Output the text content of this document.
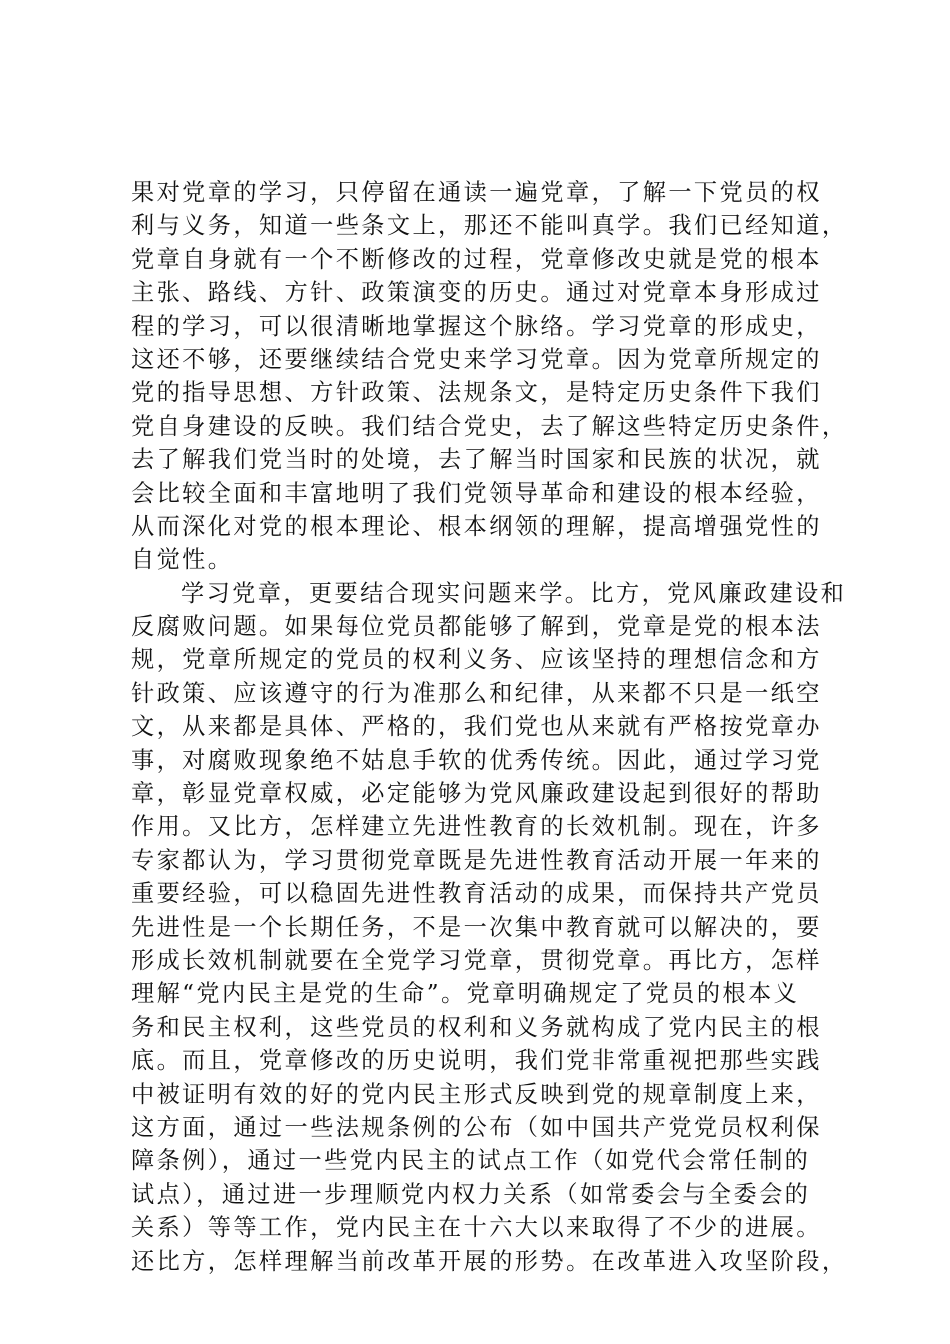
果对党章的学习，只停留在通读一遍党章，了解一下党员的权
利与义务，知道一些条文上，那还不能叫真学。我们已经知道，
党章自身就有一个不断修改的过程，党章修改史就是党的根本
主张、路线、方针、政策演变的历史。通过对党章本身形成过
程的学习，可以很清晰地掌握这个脉络。学习党章的形成史，
这还不够，还要继续结合党史来学习党章。因为党章所规定的
党的指导思想、方针政策、法规条文，是特定历史条件下我们
党自身建设的反映。我们结合党史，去了解这些特定历史条件，
去了解我们党当时的处境，去了解当时国家和民族的状况，就
会比较全面和丰富地明了我们党领导革命和建设的根本经验，
从而深化对党的根本理论、根本纲领的理解，提高增强党性的
自觉性。
学习党章，更要结合现实问题来学。比方，党风廉政建设和
反腐败问题。如果每位党员都能够了解到，党章是党的根本法
规，党章所规定的党员的权利义务、应该坚持的理想信念和方
针政策、应该遵守的行为准那么和纪律，从来都不只是一纸空
文，从来都是具体、严格的，我们党也从来就有严格按党章办
事，对腐败现象绝不姑息手软的优秀传统。因此，通过学习党
章，彰显党章权威，必定能够为党风廉政建设起到很好的帮助
作用。又比方，怎样建立先进性教育的长效机制。现在，许多
专家都认为，学习贯彻党章既是先进性教育活动开展一年来的
重要经验，可以稳固先进性教育活动的成果，而保持共产党员
先进性是一个长期任务，不是一次集中教育就可以解决的，要
形成长效机制就要在全党学习党章，贯彻党章。再比方，怎样
理解“党内民主是党的生命”。党章明确规定了党员的根本义
务和民主权利，这些党员的权利和义务就构成了党内民主的根
底。而且，党章修改的历史说明，我们党非常重视把那些实践
中被证明有效的好的党内民主形式反映到党的规章制度上来，
这方面，通过一些法规条例的公布（如中国共产党党员权利保
障条例），通过一些党内民主的试点工作（如党代会常任制的
试点），通过进一步理顺党内权力关系（如常委会与全委会的
关系）等等工作，党内民主在十六大以来取得了不少的进展。
还比方，怎样理解当前改革开展的形势。在改革进入攻坚阶段，
